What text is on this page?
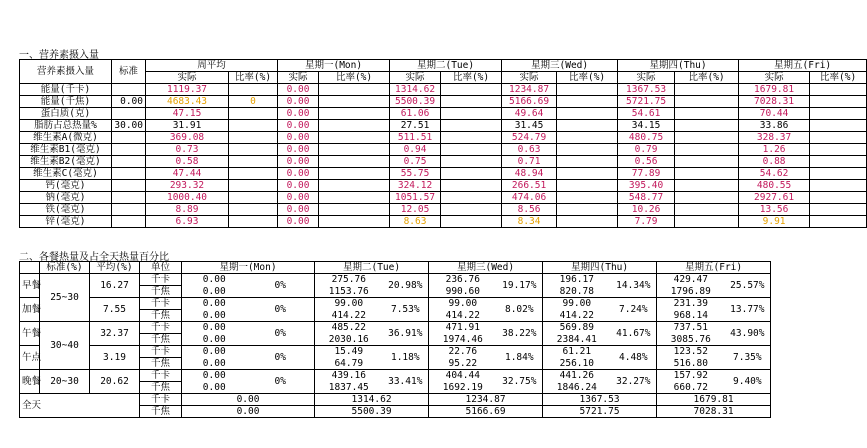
一、营养素摄入量
营养素摄入量	标准	周平均		星期一(Mon)		星期二(Tue)		星期三(Wed)		星期四(Thu)		星期五(Fri)	
		实际	比率(%)	实际	比率(%)	实际	比率(%)	实际	比率(%)	实际	比率(%)	实际	比率(%)
能量(千卡)		1119.37		0.00		1314.62		1234.87		1367.53		1679.81	
能量(千焦)	0.00	4683.43	0	0.00		5500.39		5166.69		5721.75		7028.31	
蛋白质(克)		47.15		0.00		61.06		49.64		54.61		70.44	
脂肪占总热量%	30.00	31.91		0.00		27.51		31.45		34.15		33.86	
维生素A(微克)		369.08		0.00		511.51		524.79		480.75		328.37	
维生素B1(毫克)		0.73		0.00		0.94		0.63		0.79		1.26	
维生素B2(毫克)		0.58		0.00		0.75		0.71		0.56		0.88	
维生素C(毫克)		47.44		0.00		55.75		48.94		77.89		54.62	
钙(毫克)		293.32		0.00		324.12		266.51		395.40		480.55	
钠(毫克)		1000.40		0.00		1051.57		474.06		548.77		2927.61	
铁(毫克)		8.89		0.00		12.05		8.56		10.26		13.56	
锌(毫克)		6.93		0.00		8.63		8.34		7.79		9.91	
二、各餐热量及占全天热量百分比
	标准(%)	平均(%)	单位	星期一(Mon)		星期二(Tue)		星期三(Wed)		星期四(Thu)		星期五(Fri)	
早餐	25~30	16.27	千卡	0.00	0%	275.76	20.98%	236.76	19.17%	196.17	14.34%	429.47	25.57%
			千焦	0.00		1153.76		990.60		820.78		1796.89	
加餐		7.55	千卡	0.00	0%	99.00	7.53%	99.00	8.02%	99.00	7.24%	231.39	13.77%
			千焦	0.00		414.22		414.22		414.22		968.14	
午餐	30~40	32.37	千卡	0.00	0%	485.22	36.91%	471.91	38.22%	569.89	41.67%	737.51	43.90%
			千焦	0.00		2030.16		1974.46		2384.41		3085.76	
午点		3.19	千卡	0.00	0%	15.49	1.18%	22.76	1.84%	61.21	4.48%	123.52	7.35%
			千焦	0.00		64.79		95.22		256.10		516.80	
晚餐	20~30	20.62	千卡	0.00	0%	439.16	33.41%	404.44	32.75%	441.26	32.27%	157.92	9.40%
			千焦	0.00		1837.45		1692.19		1846.24		660.72	
全天			千卡	0.00		1314.62		1234.87		1367.53		1679.81	
			千焦	0.00		5500.39		5166.69		5721.75		7028.31	
